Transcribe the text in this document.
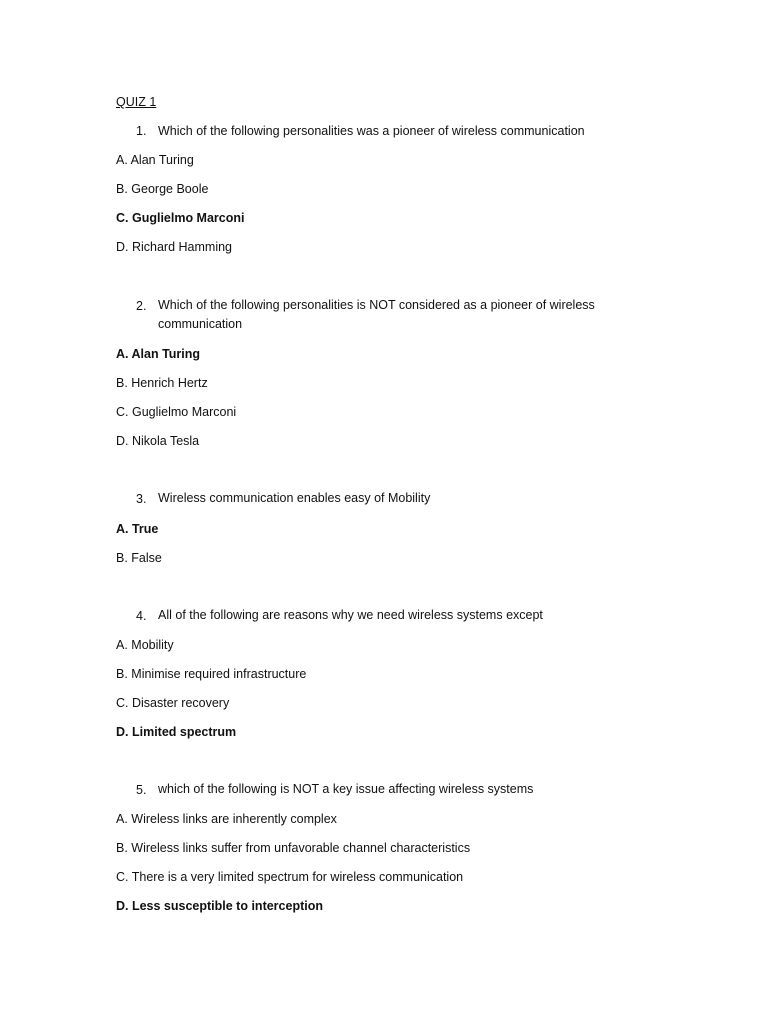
QUIZ 1
1. Which of the following personalities was a pioneer of wireless communication
A. Alan Turing
B. George Boole
C. Guglielmo Marconi
D. Richard Hamming
2. Which of the following personalities is NOT considered as a pioneer of wireless communication
A. Alan Turing
B. Henrich Hertz
C. Guglielmo Marconi
D. Nikola Tesla
3. Wireless communication enables easy of Mobility
A. True
B. False
4. All of the following are reasons why we need wireless systems except
A. Mobility
B. Minimise required infrastructure
C. Disaster recovery
D. Limited spectrum
5. which of the following is NOT a key issue affecting wireless systems
A. Wireless links are inherently complex
B. Wireless links suffer from unfavorable channel characteristics
C. There is a very limited spectrum for wireless communication
D. Less susceptible to interception
